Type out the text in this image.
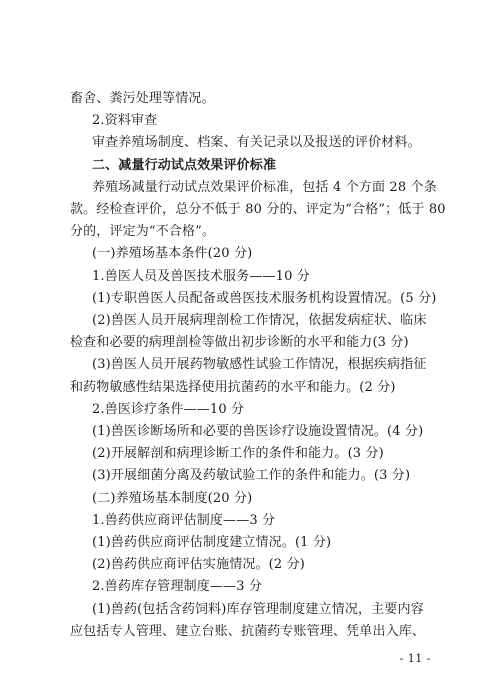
畜舍、粪污处理等情况。
2.资料审查
审查养殖场制度、档案、有关记录以及报送的评价材料。
二、减量行动试点效果评价标准
养殖场减量行动试点效果评价标准，包括 4 个方面 28 个条
款。经检查评价，总分不低于 80 分的、评定为“合格”；低于 80
分的，评定为“不合格”。
(一)养殖场基本条件(20 分)
1.兽医人员及兽医技术服务——10 分
(1)专职兽医人员配备或兽医技术服务机构设置情况。(5 分)
(2)兽医人员开展病理剖检工作情况，依据发病症状、临床
检查和必要的病理剖检等做出初步诊断的水平和能力(3 分)
(3)兽医人员开展药物敏感性试验工作情况，根据疾病指征
和药物敏感性结果选择使用抗菌药的水平和能力。(2 分)
2.兽医诊疗条件——10 分
(1)兽医诊断场所和必要的兽医诊疗设施设置情况。(4 分)
(2)开展解剖和病理诊断工作的条件和能力。(3 分)
(3)开展细菌分离及药敏试验工作的条件和能力。(3 分)
(二)养殖场基本制度(20 分)
1.兽药供应商评估制度——3 分
(1)兽药供应商评估制度建立情况。(1 分)
(2)兽药供应商评估实施情况。(2 分)
2.兽药库存管理制度——3 分
(1)兽药(包括含药饲料)库存管理制度建立情况，主要内容
应包括专人管理、建立台账、抗菌药专账管理、凭单出入库、
- 11 -
